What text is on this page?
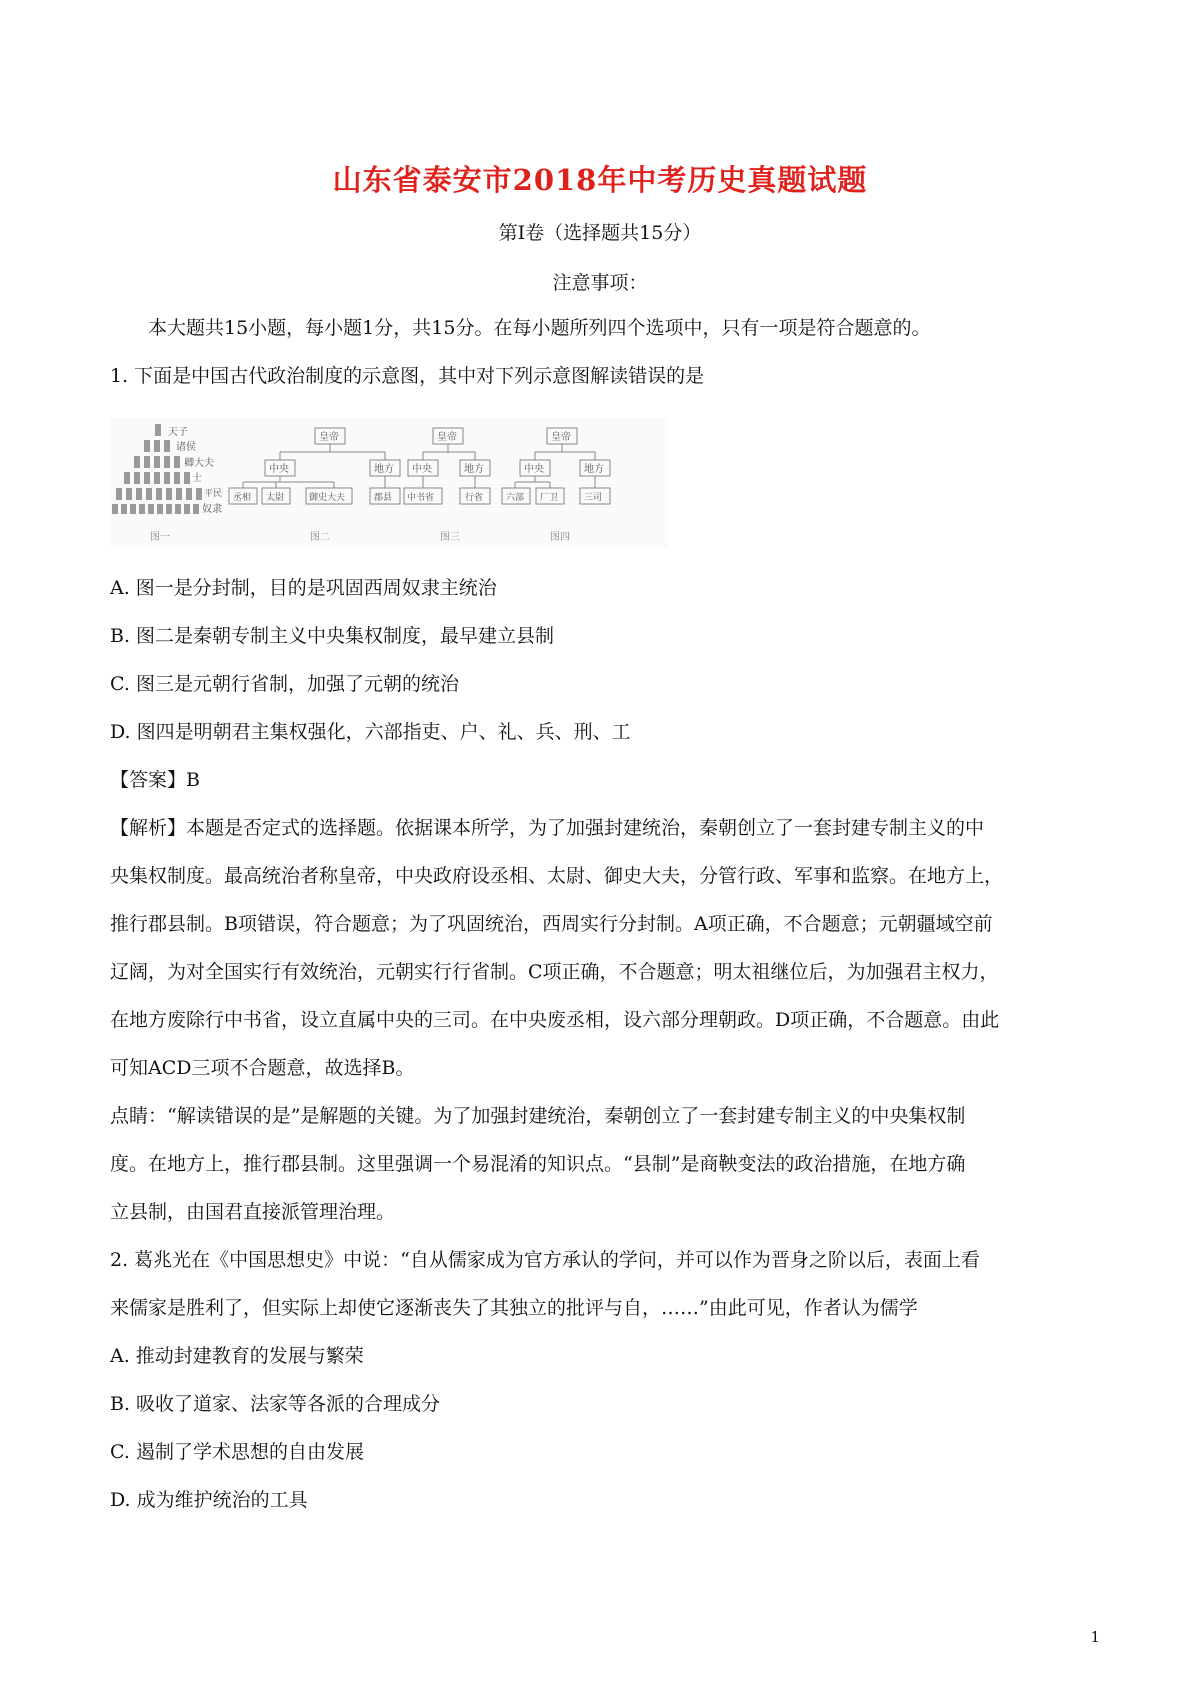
山东省泰安市2018年中考历史真题试题
第Ⅰ卷（选择题共15分）
注意事项：
本大题共15小题，每小题1分，共15分。在每小题所列四个选项中，只有一项是符合题意的。
1. 下面是中国古代政治制度的示意图，其中对下列示意图解读错误的是
天子
诸侯
卿大夫
士
平民
奴隶
图一
皇帝
中央	地方
丞相 太尉	御史大夫	郡县
图二
皇帝
中央	地方
中书省	行省
图三
皇帝
中央	地方
六部 厂卫	三司
图四
A. 图一是分封制，目的是巩固西周奴隶主统治
B. 图二是秦朝专制主义中央集权制度，最早建立县制
C. 图三是元朝行省制，加强了元朝的统治
D. 图四是明朝君主集权强化，六部指吏、户、礼、兵、刑、工
【答案】B
【解析】本题是否定式的选择题。依据课本所学，为了加强封建统治，秦朝创立了一套封建专制主义的中
央集权制度。最高统治者称皇帝，中央政府设丞相、太尉、御史大夫，分管行政、军事和监察。在地方上，
推行郡县制。B项错误，符合题意；为了巩固统治，西周实行分封制。A项正确，不合题意；元朝疆域空前
辽阔，为对全国实行有效统治，元朝实行行省制。C项正确，不合题意；明太祖继位后，为加强君主权力，
在地方废除行中书省，设立直属中央的三司。在中央废丞相，设六部分理朝政。D项正确，不合题意。由此
可知ACD三项不合题意，故选择B。
点睛：“解读错误的是”是解题的关键。为了加强封建统治，秦朝创立了一套封建专制主义的中央集权制
度。在地方上，推行郡县制。这里强调一个易混淆的知识点。“县制”是商鞅变法的政治措施，在地方确
立县制，由国君直接派管理治理。
2. 葛兆光在《中国思想史》中说：“自从儒家成为官方承认的学问，并可以作为晋身之阶以后，表面上看
来儒家是胜利了，但实际上却使它逐渐丧失了其独立的批评与自，……”由此可见，作者认为儒学
A. 推动封建教育的发展与繁荣
B. 吸收了道家、法家等各派的合理成分
C. 遏制了学术思想的自由发展
D. 成为维护统治的工具
1
